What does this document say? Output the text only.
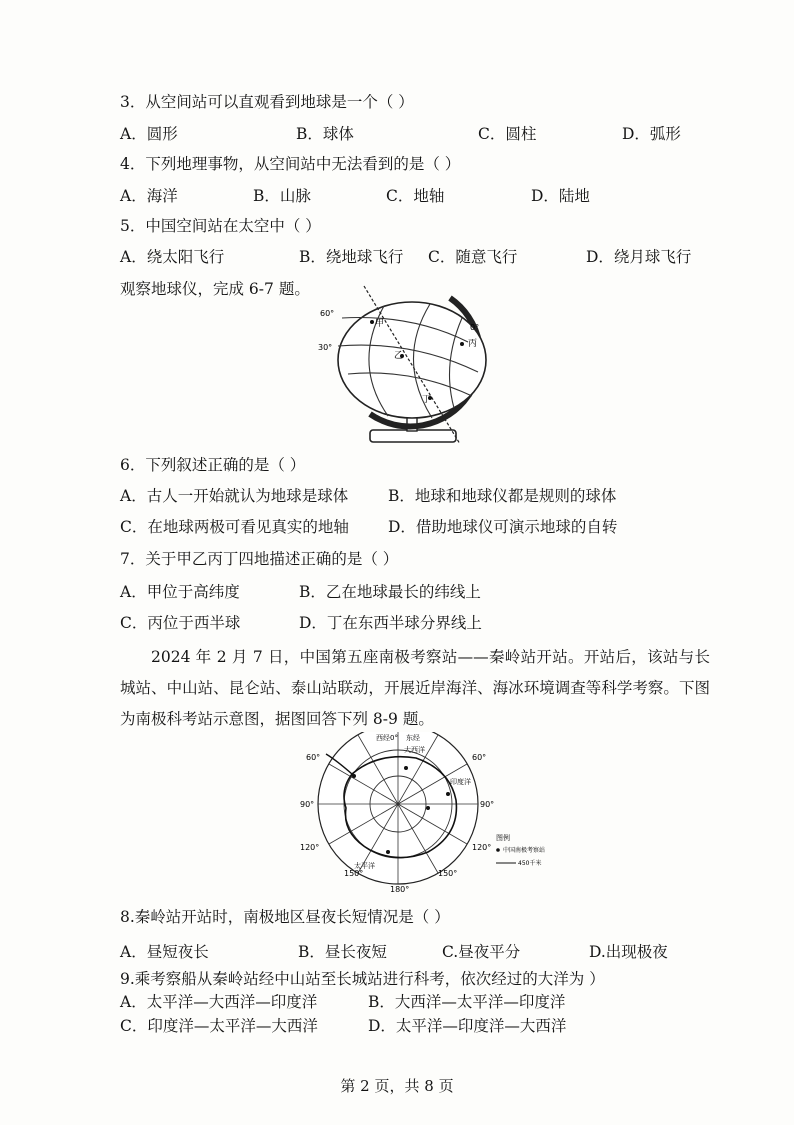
3．从空间站可以直观看到地球是一个（ ）
A．圆形	B．球体	C．圆柱	D．弧形
4．下列地理事物，从空间站中无法看到的是（ ）
A．海洋	B．山脉	C．地轴	D．陆地
5．中国空间站在太空中（ ）
A．绕太阳飞行	B．绕地球飞行 C．随意飞行	D．绕月球飞行
观察地球仪，完成 6-7 题。
60°
30°
0°
甲
乙
丙
丁
6．下列叙述正确的是（ ）
A．古人一开始就认为地球是球体	B．地球和地球仪都是规则的球体
C．在地球两极可看见真实的地轴	D．借助地球仪可演示地球的自转
7．关于甲乙丙丁四地描述正确的是（ ）
A．甲位于高纬度	B．乙在地球最长的纬线上
C．丙位于西半球	D．丁在东西半球分界线上
2024 年 2 月 7 日，中国第五座南极考察站——秦岭站开站。开站后，该站与长城站、中山站、昆仑站、泰山站联动，开展近岸海洋、海冰环境调查等科学考察。下图为南极科考站示意图，据图回答下列 8-9 题。
西经0° 东经
60°	60°
90°	90°
120°	120°
150°	150°
180°
大西洋
太平洋
印度洋
图例
中国南极考察站
450千米
8.秦岭站开站时，南极地区昼夜长短情况是（ ）
A．昼短夜长	B．昼长夜短	C.昼夜平分	D.出现极夜
9.乘考察船从秦岭站经中山站至长城站进行科考，依次经过的大洋为 ）
A．太平洋—大西洋—印度洋	B．大西洋—太平洋—印度洋
C．印度洋—太平洋—大西洋	D．太平洋—印度洋—大西洋
第 2 页，共 8 页
